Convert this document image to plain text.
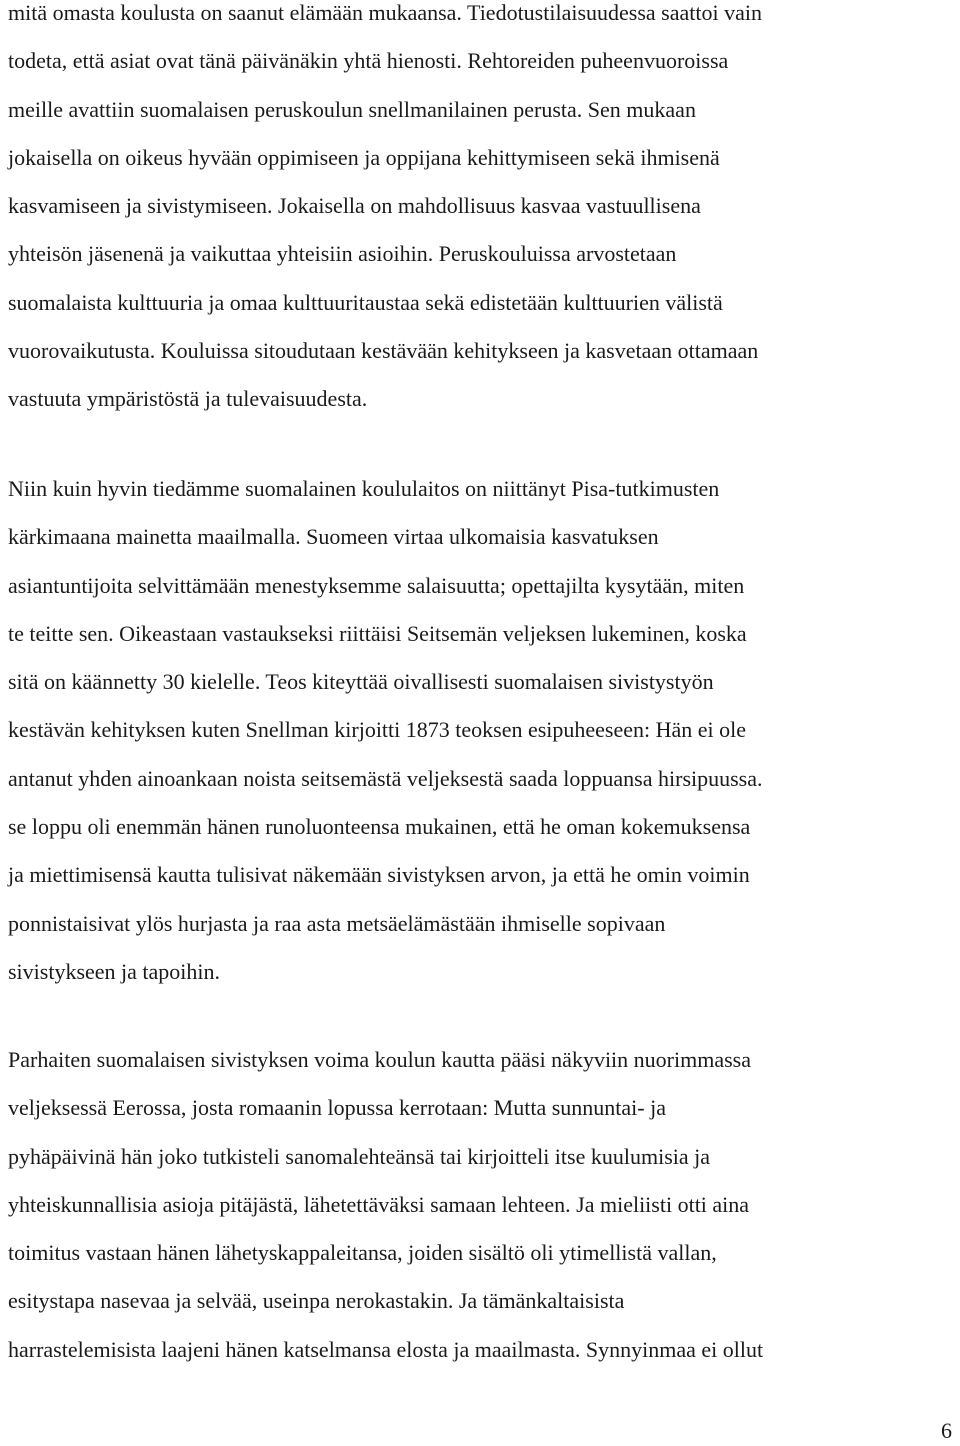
mitä omasta koulusta on saanut elämään mukaansa. Tiedotustilaisuudessa saattoi vain
todeta, että asiat ovat tänä päivänäkin yhtä hienosti. Rehtoreiden puheenvuoroissa
meille avattiin suomalaisen peruskoulun snellmanilainen perusta. Sen mukaan
jokaisella on oikeus hyvään oppimiseen ja oppijana kehittymiseen sekä ihmisenä
kasvamiseen ja sivistymiseen. Jokaisella on mahdollisuus kasvaa vastuullisena
yhteisön jäsenenä ja vaikuttaa yhteisiin asioihin. Peruskouluissa arvostetaan
suomalaista kulttuuria ja omaa kulttuuritaustaa sekä edistetään kulttuurien välistä
vuorovaikutusta. Kouluissa sitoudutaan kestävään kehitykseen ja kasvetaan ottamaan
vastuuta ympäristöstä ja tulevaisuudesta.
Niin kuin hyvin tiedämme suomalainen koululaitos on niittänyt Pisa-tutkimusten
kärkimaana mainetta maailmalla. Suomeen virtaa ulkomaisia kasvatuksen
asiantuntijoita selvittämään menestyksemme salaisuutta; opettajilta kysytään, miten
te teitte sen. Oikeastaan vastaukseksi riittäisi Seitsemän veljeksen lukeminen, koska
sitä on käännetty 30 kielelle. Teos kiteyttää oivallisesti suomalaisen sivistystyön
kestävän kehityksen kuten Snellman kirjoitti 1873 teoksen esipuheeseen: Hän ei ole
antanut yhden ainoankaan noista seitsemästä veljeksestä saada loppuansa hirsipuussa.
se loppu oli enemmän hänen runoluonteensa mukainen, että he oman kokemuksensa
ja miettimisensä kautta tulisivat näkemään sivistyksen arvon, ja että he omin voimin
ponnistaisivat ylös hurjasta ja raa asta metsäelämästään ihmiselle sopivaan
sivistykseen ja tapoihin.
Parhaiten suomalaisen sivistyksen voima koulun kautta pääsi näkyviin nuorimmassa
veljeksessä Eerossa, josta romaanin lopussa kerrotaan: Mutta sunnuntai- ja
pyhäpäivinä hän joko tutkisteli sanomalehteänsä tai kirjoitteli itse kuulumisia ja
yhteiskunnallisia asioja pitäjästä, lähetettäväksi samaan lehteen. Ja mieliisti otti aina
toimitus vastaan hänen lähetyskappaleitansa, joiden sisältö oli ytimellistä vallan,
esitystapa nasevaa ja selvää, useinpa nerokastakin. Ja tämänkaltaisista
harrastelemisista laajeni hänen katselmansa elosta ja maailmasta. Synnyinmaa ei ollut
6
